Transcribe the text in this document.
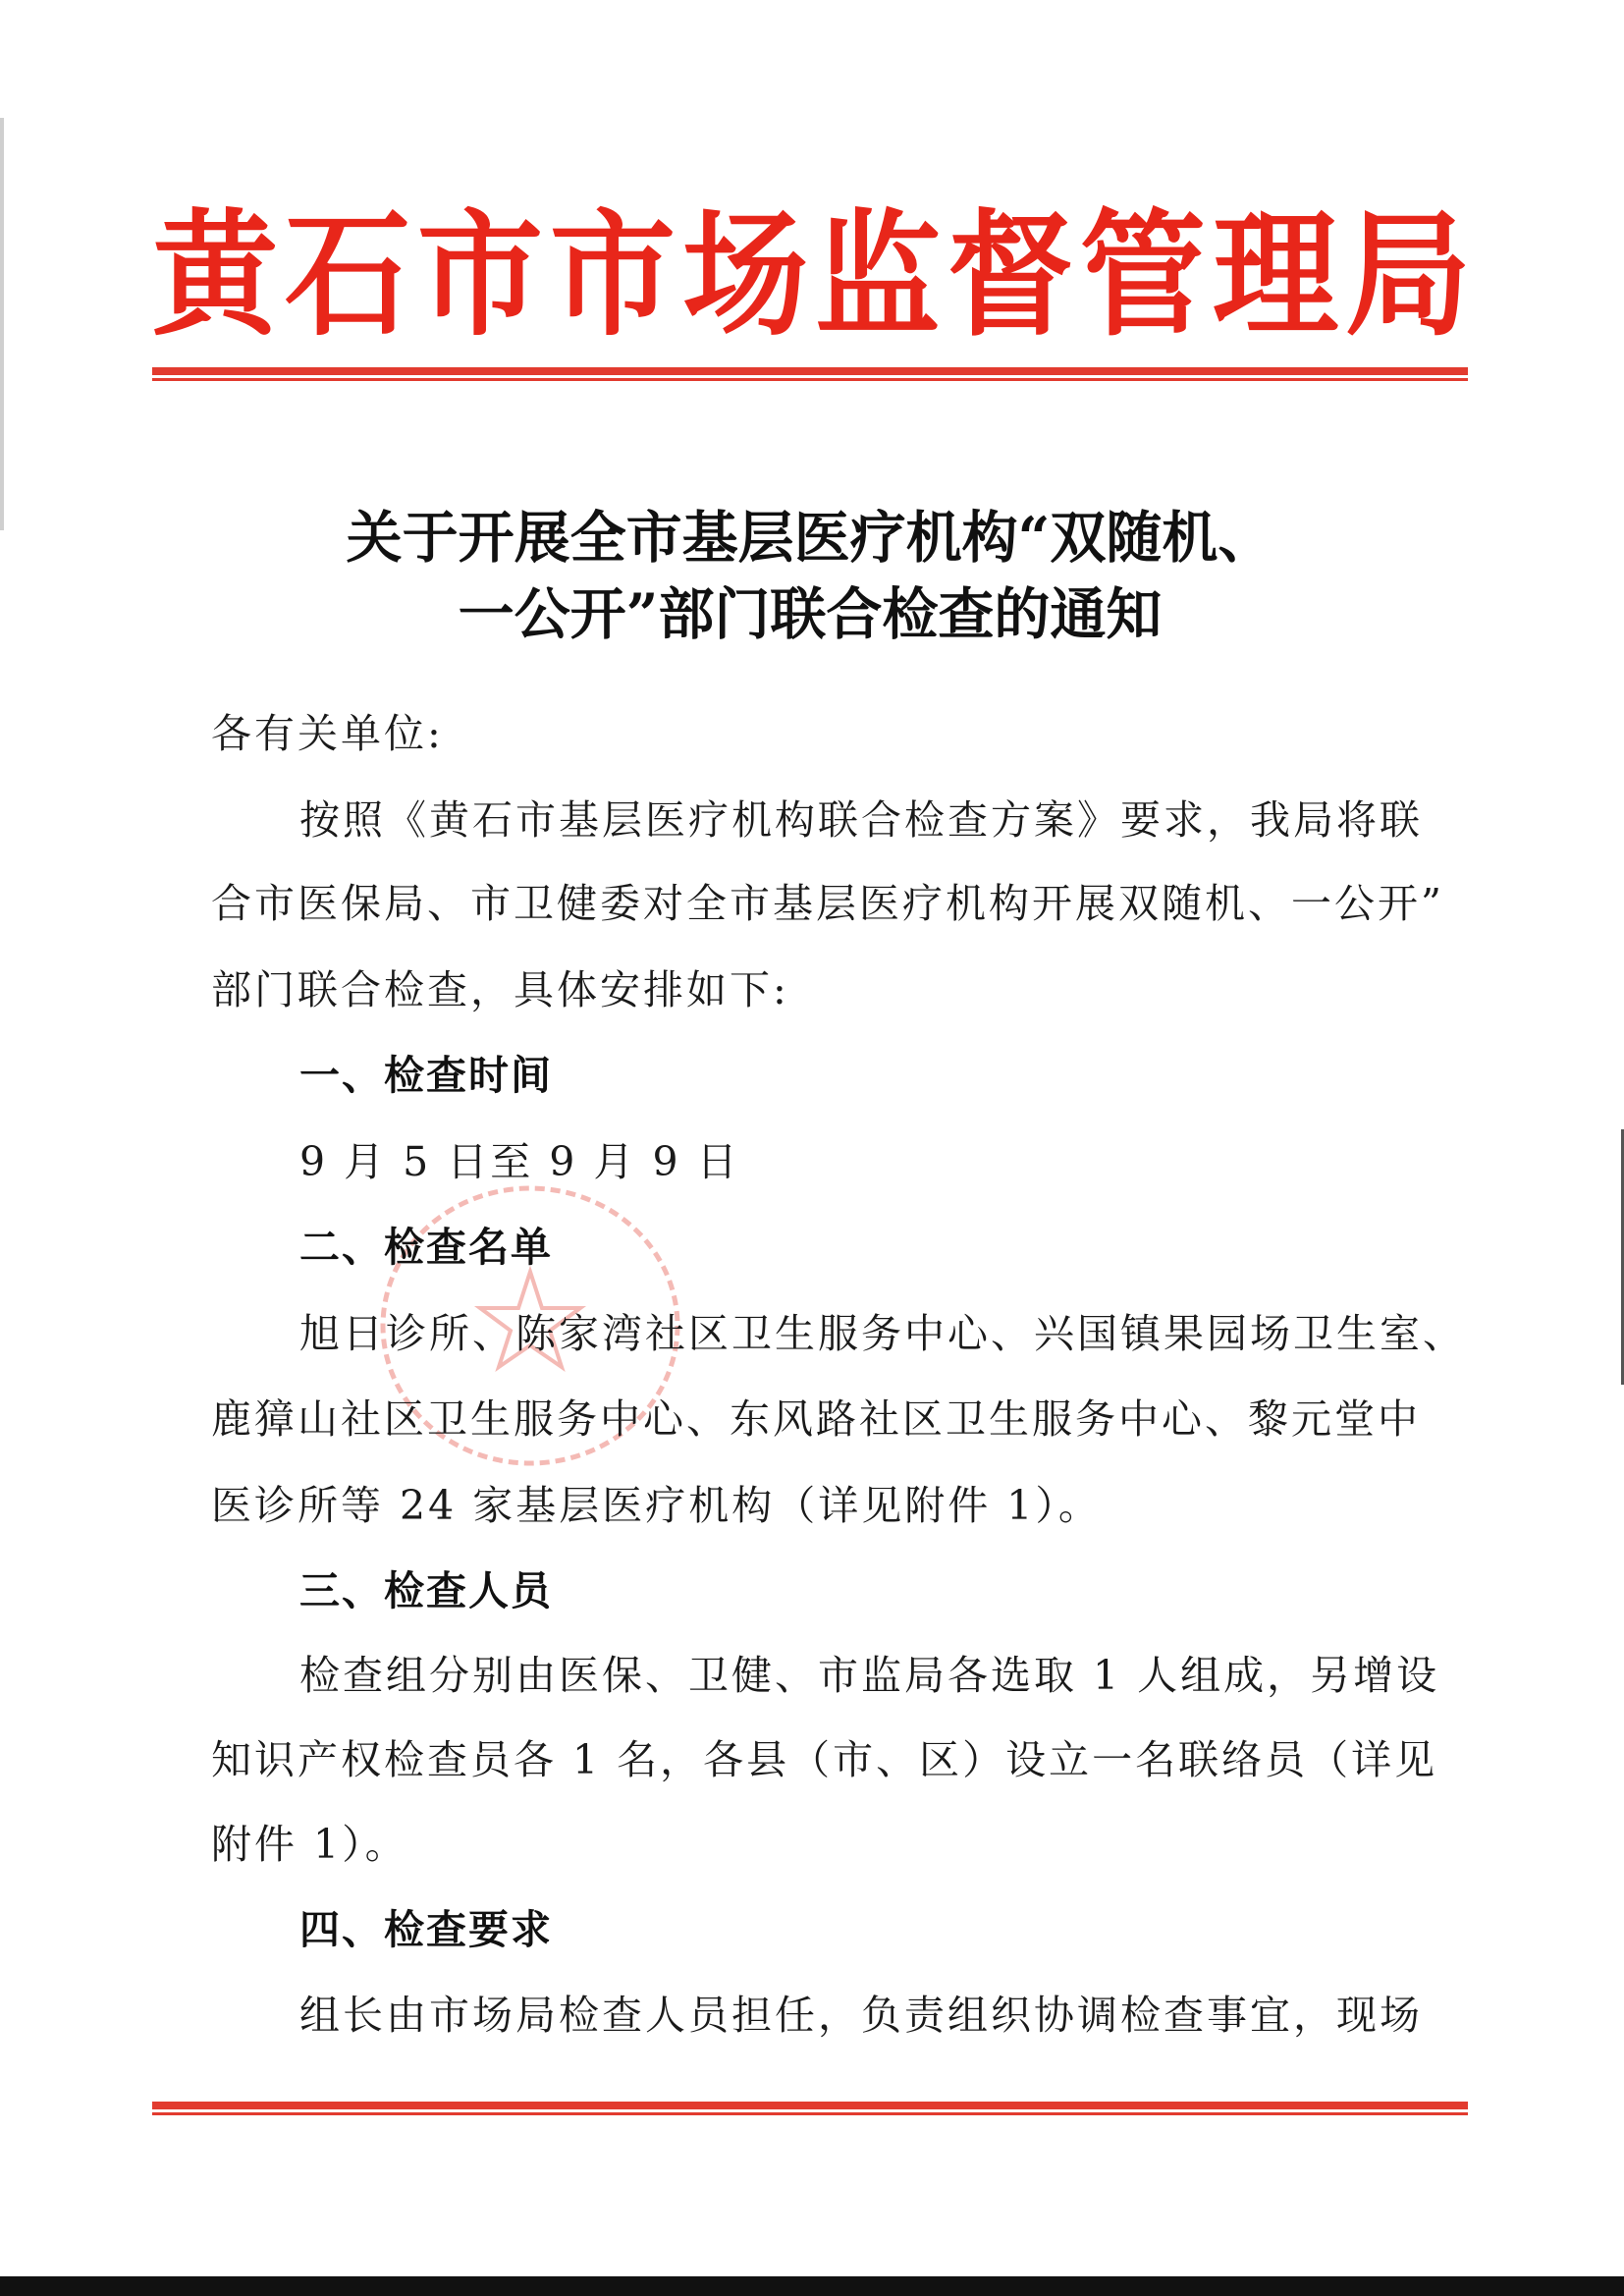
黄石市市场监督管理局
关于开展全市基层医疗机构“双随机、
一公开”部门联合检查的通知
各有关单位:
按照《黄石市基层医疗机构联合检查方案》要求，我局将联
合市医保局、市卫健委对全市基层医疗机构开展双随机、一公开”
部门联合检查，具体安排如下:
一、检查时间
9 月 5 日至 9 月 9 日
二、检查名单
旭日诊所、陈家湾社区卫生服务中心、兴国镇果园场卫生室、
鹿獐山社区卫生服务中心、东风路社区卫生服务中心、黎元堂中
医诊所等 24 家基层医疗机构（详见附件 1）。
三、检查人员
检查组分别由医保、卫健、市监局各选取 1 人组成，另增设
知识产权检查员各 1 名，各县（市、区）设立一名联络员（详见
附件 1）。
四、检查要求
组长由市场局检查人员担任，负责组织协调检查事宜，现场
